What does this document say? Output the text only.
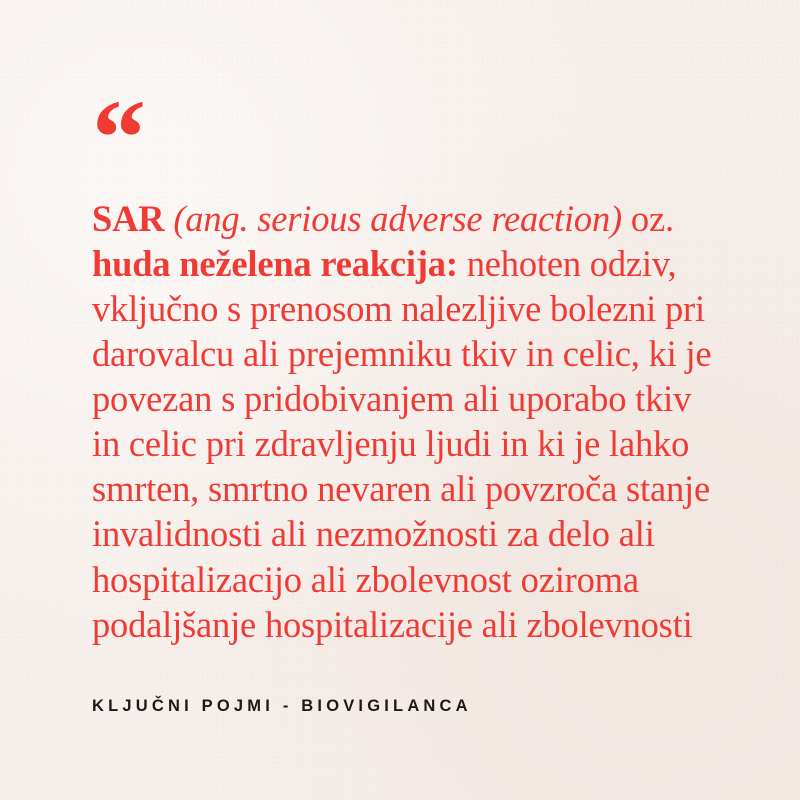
“
SAR (ang. serious adverse reaction) oz. huda neželena reakcija: nehoten odziv, vključno s prenosom nalezljive bolezni pri darovalcu ali prejemniku tkiv in celic, ki je povezan s pridobivanjem ali uporabo tkiv in celic pri zdravljenju ljudi in ki je lahko smrten, smrtno nevaren ali povzroča stanje invalidnosti ali nezmožnosti za delo ali hospitalizacijo ali zbolevnost oziroma podaljšanje hospitalizacije ali zbolevnosti
KLJUČNI POJMI - BIOVIGILANCA
